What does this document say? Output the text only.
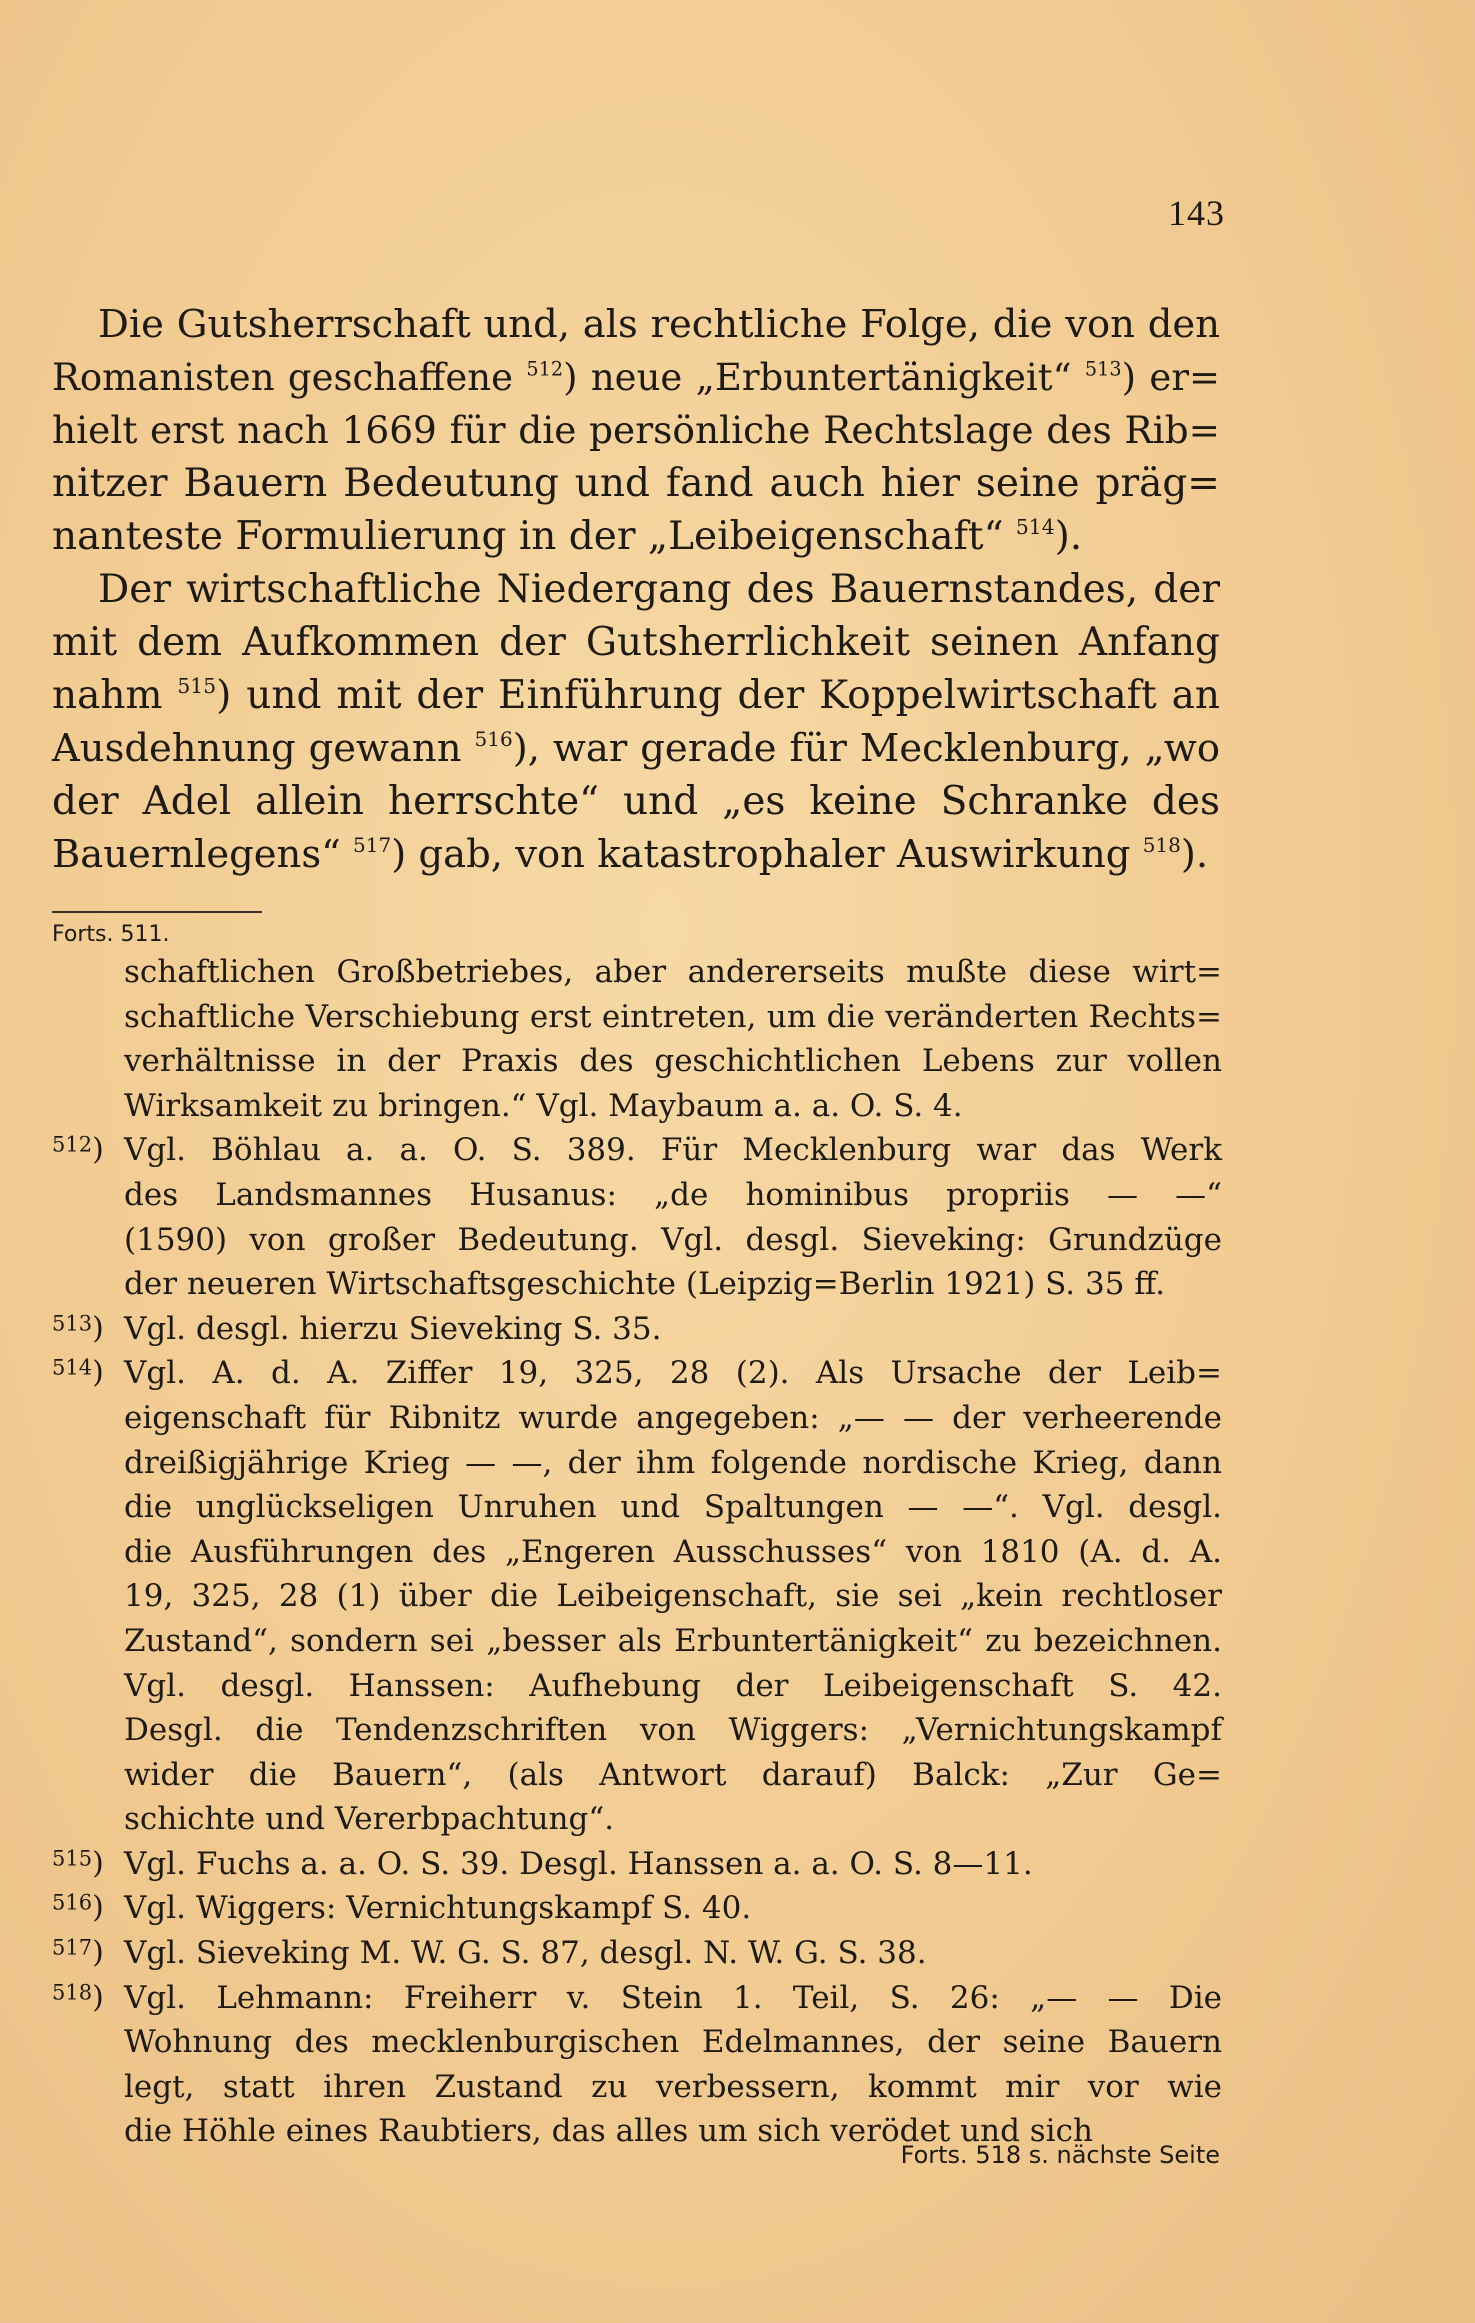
143
Die Gutsherrschaft und, als rechtliche Folge, die von den
Romanisten geschaffene $^{512}$) neue „Erbuntertänigkeit“ $^{513}$) er=
hielt erst nach 1669 für die persönliche Rechtslage des Rib=
nitzer Bauern Bedeutung und fand auch hier seine präg=
nanteste Formulierung in der „Leibeigenschaft“ $^{514}$).
Der wirtschaftliche Niedergang des Bauernstandes, der
mit dem Aufkommen der Gutsherrlichkeit seinen Anfang
nahm $^{515}$) und mit der Einführung der Koppelwirtschaft an
Ausdehnung gewann $^{516}$), war gerade für Mecklenburg, „wo
der Adel allein herrschte“ und „es keine Schranke des
Bauernlegens“ $^{517}$) gab, von katastrophaler Auswirkung $^{518}$).
Forts. 511.
schaftlichen Großbetriebes, aber andererseits mußte diese wirt=
schaftliche Verschiebung erst eintreten, um die veränderten Rechts=
verhältnisse in der Praxis des geschichtlichen Lebens zur vollen
Wirksamkeit zu bringen.“ Vgl. Maybaum a. a. O. S. 4.
$^{512}$) Vgl. Böhlau a. a. O. S. 389. Für Mecklenburg war das Werk
des Landsmannes Husanus: „de hominibus propriis — —“
(1590) von großer Bedeutung. Vgl. desgl. Sieveking: Grundzüge
der neueren Wirtschaftsgeschichte (Leipzig=Berlin 1921) S. 35 ff.
$^{513}$) Vgl. desgl. hierzu Sieveking S. 35.
$^{514}$) Vgl. A. d. A. Ziffer 19, 325, 28 (2). Als Ursache der Leib=
eigenschaft für Ribnitz wurde angegeben: „— — der verheerende
dreißigjährige Krieg — —, der ihm folgende nordische Krieg, dann
die unglückseligen Unruhen und Spaltungen — —“. Vgl. desgl.
die Ausführungen des „Engeren Ausschusses“ von 1810 (A. d. A.
19, 325, 28 (1) über die Leibeigenschaft, sie sei „kein rechtloser
Zustand“, sondern sei „besser als Erbuntertänigkeit“ zu bezeichnen.
Vgl. desgl. Hanssen: Aufhebung der Leibeigenschaft S. 42.
Desgl. die Tendenzschriften von Wiggers: „Vernichtungskampf
wider die Bauern“, (als Antwort darauf) Balck: „Zur Ge=
schichte und Vererbpachtung“.
$^{515}$) Vgl. Fuchs a. a. O. S. 39. Desgl. Hanssen a. a. O. S. 8—11.
$^{516}$) Vgl. Wiggers: Vernichtungskampf S. 40.
$^{517}$) Vgl. Sieveking M. W. G. S. 87, desgl. N. W. G. S. 38.
$^{518}$) Vgl. Lehmann: Freiherr v. Stein 1. Teil, S. 26: „— — Die
Wohnung des mecklenburgischen Edelmannes, der seine Bauern
legt, statt ihren Zustand zu verbessern, kommt mir vor wie
die Höhle eines Raubtiers, das alles um sich verödet und sich
Forts. 518 s. nächste Seite
